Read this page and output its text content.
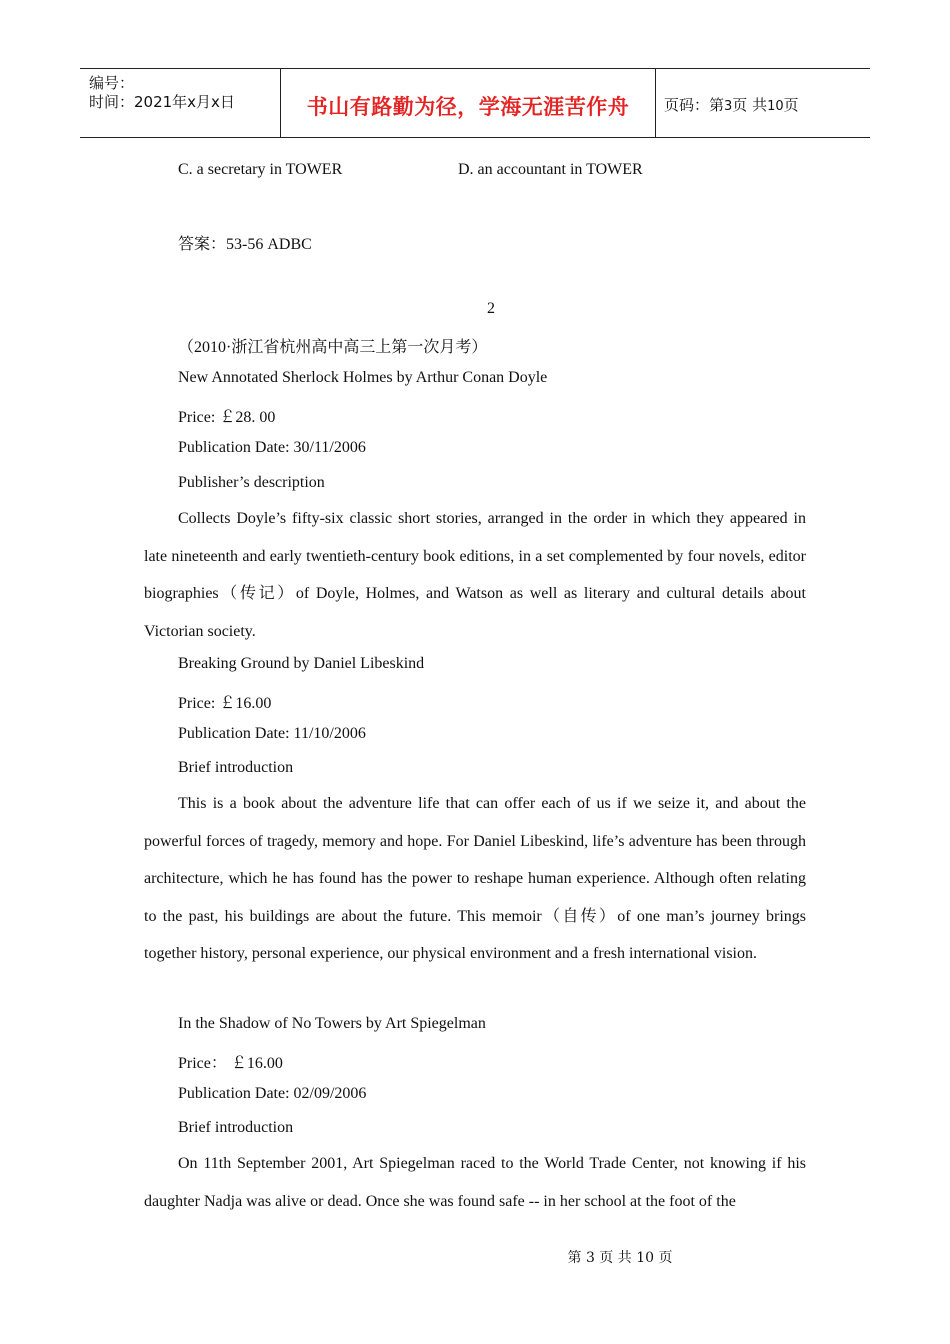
编号：
时间：2021年x月x日	书山有路勤为径，学海无涯苦作舟	页码：第3页 共10页
C. a secretary in TOWER	D. an accountant in TOWER
答案：53-56 ADBC
2
（2010·浙江省杭州高中高三上第一次月考）
New Annotated Sherlock Holmes by Arthur Conan Doyle
Price: ￡28. 00
Publication Date: 30/11/2006
Publisher’s description
Collects Doyle’s fifty-six classic short stories, arranged in the order in which they appeared in late nineteenth and early twentieth-century book editions, in a set complemented by four novels, editor biographies（传记）of Doyle, Holmes, and Watson as well as literary and cultural details about Victorian society.
Breaking Ground by Daniel Libeskind
Price: ￡16.00
Publication Date: 11/10/2006
Brief introduction
This is a book about the adventure life that can offer each of us if we seize it, and about the powerful forces of tragedy, memory and hope. For Daniel Libeskind, life’s adventure has been through architecture, which he has found has the power to reshape human experience. Although often relating to the past, his buildings are about the future. This memoir（自传）of one man’s journey brings together history, personal experience, our physical environment and a fresh international vision.
In the Shadow of No Towers by Art Spiegelman
Price： ￡16.00
Publication Date: 02/09/2006
Brief introduction
On 11th September 2001, Art Spiegelman raced to the World Trade Center, not knowing if his daughter Nadja was alive or dead. Once she was found safe -- in her school at the foot of the
第 3 页 共 10 页
